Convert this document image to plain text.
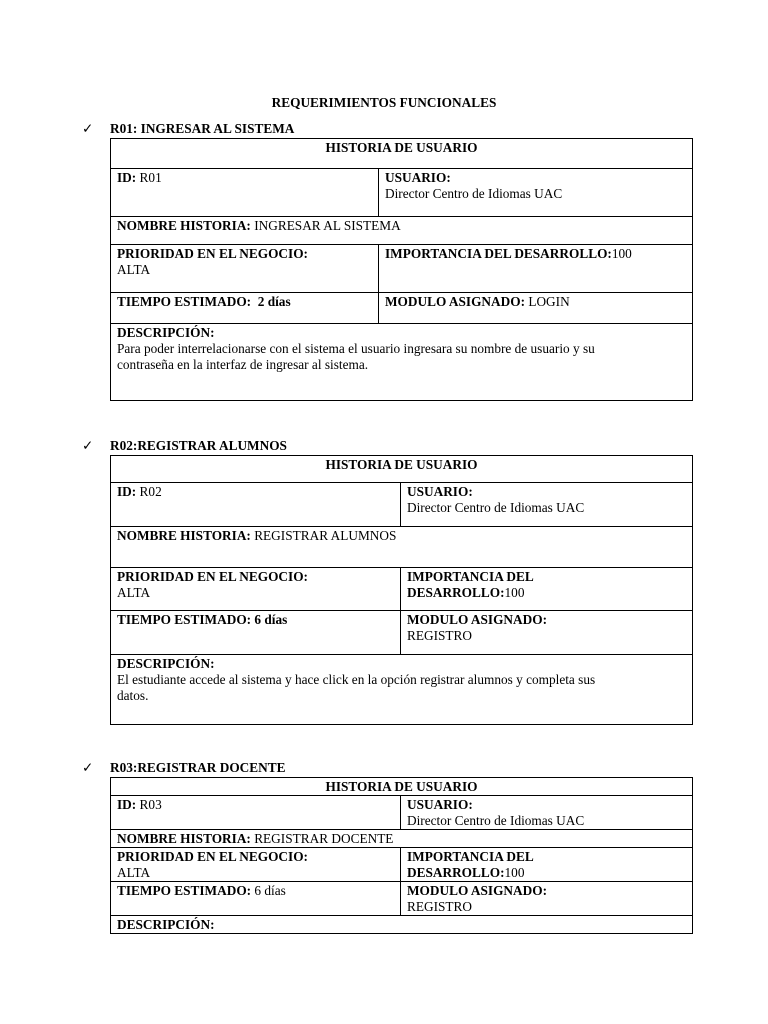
REQUERIMIENTOS FUNCIONALES
✓ R01: INGRESAR AL SISTEMA
HISTORIA DE USUARIO	
ID: R01	USUARIO:
Director Centro de Idiomas UAC

NOMBRE HISTORIA: INGRESAR AL SISTEMA	

PRIORIDAD EN EL NEGOCIO:
ALTA	IMPORTANCIA DEL DESARROLLO:100
TIEMPO ESTIMADO: 2 días	MODULO ASIGNADO: LOGIN

DESCRIPCIÓN:
Para poder interrelacionarse con el sistema el usuario ingresara su nombre de usuario y su
contraseña en la interfaz de ingresar al sistema.	
✓ R02:REGISTRAR ALUMNOS
HISTORIA DE USUARIO	
ID: R02	USUARIO:
Director Centro de Idiomas UAC

NOMBRE HISTORIA: REGISTRAR ALUMNOS	

PRIORIDAD EN EL NEGOCIO:
ALTA	IMPORTANCIA DEL
DESARROLLO:100
TIEMPO ESTIMADO: 6 días	MODULO ASIGNADO:
REGISTRO

DESCRIPCIÓN:
El estudiante accede al sistema y hace click en la opción registrar alumnos y completa sus
datos.	
✓ R03:REGISTRAR DOCENTE
HISTORIA DE USUARIO	
ID: R03	USUARIO:
Director Centro de Idiomas UAC

NOMBRE HISTORIA: REGISTRAR DOCENTE	

PRIORIDAD EN EL NEGOCIO:
ALTA	IMPORTANCIA DEL
DESARROLLO:100
TIEMPO ESTIMADO: 6 días	MODULO ASIGNADO:
REGISTRO

DESCRIPCIÓN:	
